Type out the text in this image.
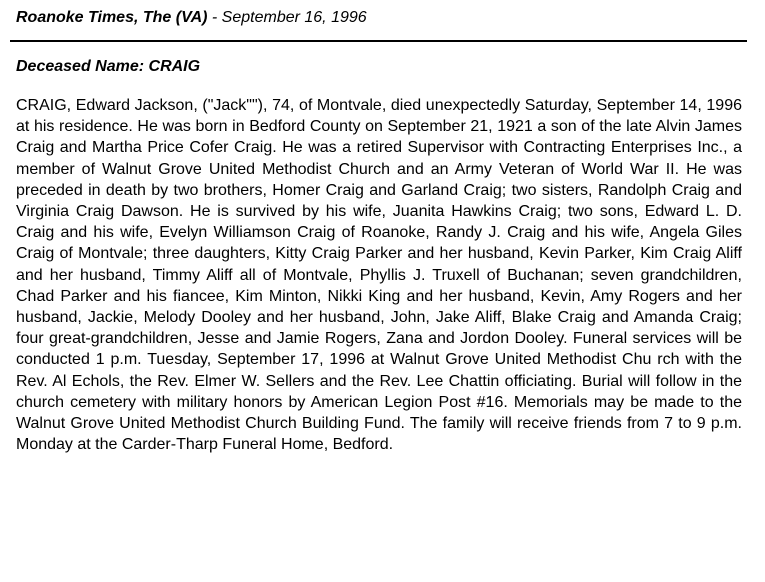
Roanoke Times, The (VA) - September 16, 1996
Deceased Name: CRAIG

CRAIG, Edward Jackson, ("Jack""), 74, of Montvale, died unexpectedly Saturday, September 14, 1996 at his residence. He was born in Bedford County on September 21, 1921 a son of the late Alvin James Craig and Martha Price Cofer Craig. He was a retired Supervisor with Contracting Enterprises Inc., a member of Walnut Grove United Methodist Church and an Army Veteran of World War II. He was preceded in death by two brothers, Homer Craig and Garland Craig; two sisters, Randolph Craig and Virginia Craig Dawson. He is survived by his wife, Juanita Hawkins Craig; two sons, Edward L. D. Craig and his wife, Evelyn Williamson Craig of Roanoke, Randy J. Craig and his wife, Angela Giles Craig of Montvale; three daughters, Kitty Craig Parker and her husband, Kevin Parker, Kim Craig Aliff and her husband, Timmy Aliff all of Montvale, Phyllis J. Truxell of Buchanan; seven grandchildren, Chad Parker and his fiancee, Kim Minton, Nikki King and her husband, Kevin, Amy Rogers and her husband, Jackie, Melody Dooley and her husband, John, Jake Aliff, Blake Craig and Amanda Craig; four great-grandchildren, Jesse and Jamie Rogers, Zana and Jordon Dooley. Funeral services will be conducted 1 p.m. Tuesday, September 17, 1996 at Walnut Grove United Methodist Chu rch with the Rev. Al Echols, the Rev. Elmer W. Sellers and the Rev. Lee Chattin officiating. Burial will follow in the church cemetery with military honors by American Legion Post #16. Memorials may be made to the Walnut Grove United Methodist Church Building Fund. The family will receive friends from 7 to 9 p.m. Monday at the Carder-Tharp Funeral Home, Bedford.
